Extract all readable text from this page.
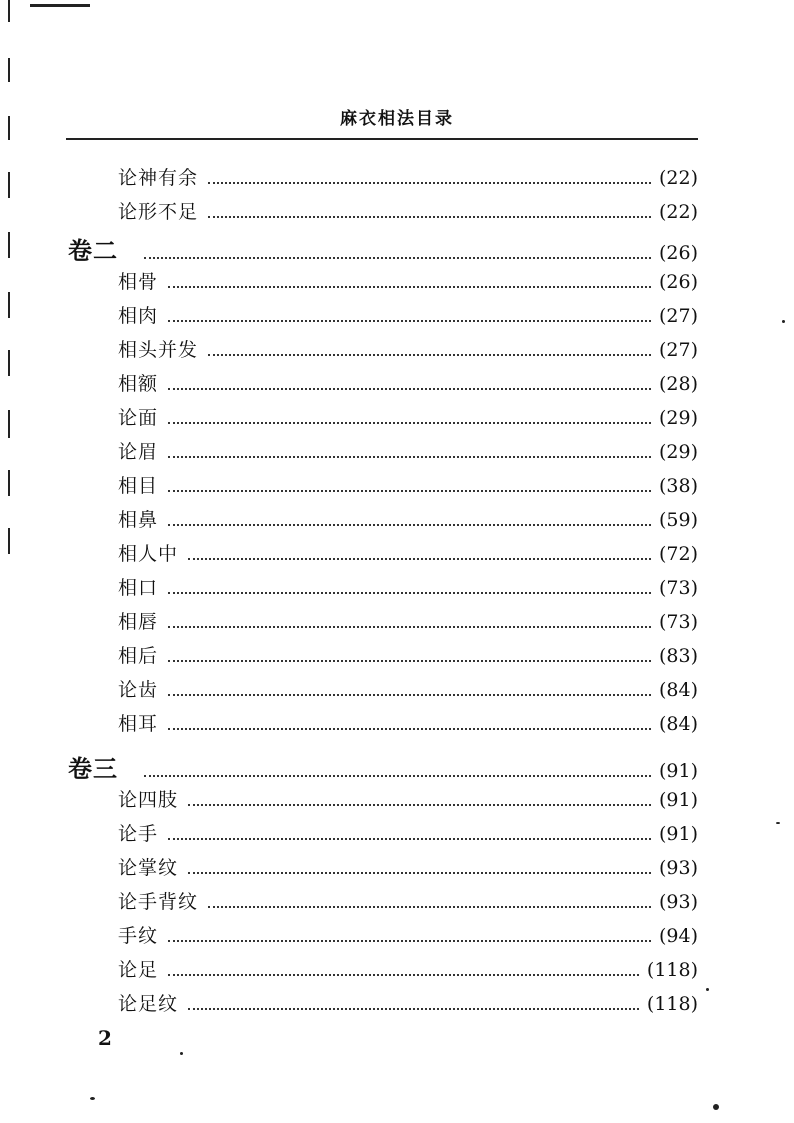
麻衣相法目录
论神有余	(22)
论形不足	(22)
卷二	(26)
相骨	(26)
相肉	(27)
相头并发	(27)
相额	(28)
论面	(29)
论眉	(29)
相目	(38)
相鼻	(59)
相人中	(72)
相口	(73)
相唇	(73)
相后	(83)
论齿	(84)
相耳	(84)
卷三	(91)
论四肢	(91)
论手	(91)
论掌纹	(93)
论手背纹	(93)
手纹	(94)
论足	(118)
论足纹	(118)
2
